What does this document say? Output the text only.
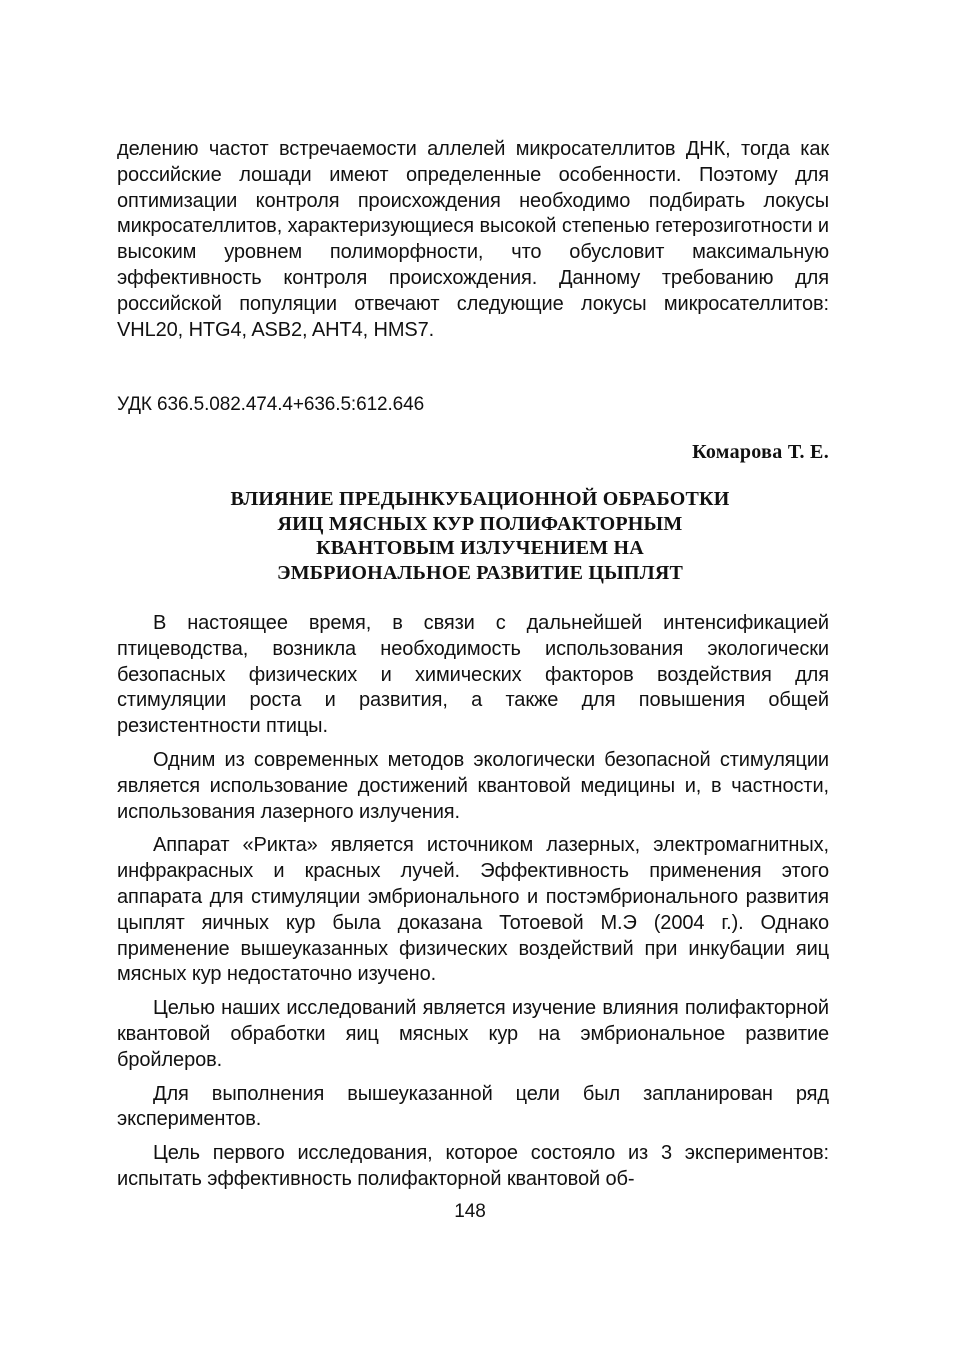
делению частот встречаемости аллелей микросателлитов ДНК, тогда как российские лошади имеют определенные особенности. Поэтому для оптимизации контроля происхождения необходимо подбирать локусы микросателлитов, характеризующиеся высокой степенью гетерозиготности и высоким уровнем полиморфности, что обусловит максимальную эффективность контроля происхождения. Данному требованию для российской популяции отвечают следующие локусы микросателлитов: VHL20, HTG4, ASB2, AHT4, HMS7.

УДК 636.5.082.474.4+636.5:612.646

Комарова Т. Е.

ВЛИЯНИЕ ПРЕДЫНКУБАЦИОННОЙ ОБРАБОТКИ
ЯИЦ МЯСНЫХ КУР ПОЛИФАКТОРНЫМ
КВАНТОВЫМ ИЗЛУЧЕНИЕМ НА
ЭМБРИОНАЛЬНОЕ РАЗВИТИЕ ЦЫПЛЯТ

В настоящее время, в связи с дальнейшей интенсификацией птицеводства, возникла необходимость использования экологически безопасных физических и химических факторов воздействия для стимуляции роста и развития, а также для повышения общей резистентности птицы.

Одним из современных методов экологически безопасной стимуляции является использование достижений квантовой медицины и, в частности, использования лазерного излучения.

Аппарат «Рикта» является источником лазерных, электромагнитных, инфракрасных и красных лучей. Эффективность применения этого аппарата для стимуляции эмбрионального и постэмбрионального развития цыплят яичных кур была доказана Тотоевой М.Э (2004 г.). Однако применение вышеуказанных физических воздействий при инкубации яиц мясных кур недостаточно изучено.

Целью наших исследований является изучение влияния полифакторной квантовой обработки яиц мясных кур на эмбриональное развитие бройлеров.

Для выполнения вышеуказанной цели был запланирован ряд экспериментов.

Цель первого исследования, которое состояло из 3 экспериментов: испытать эффективность полифакторной квантовой об-

148
